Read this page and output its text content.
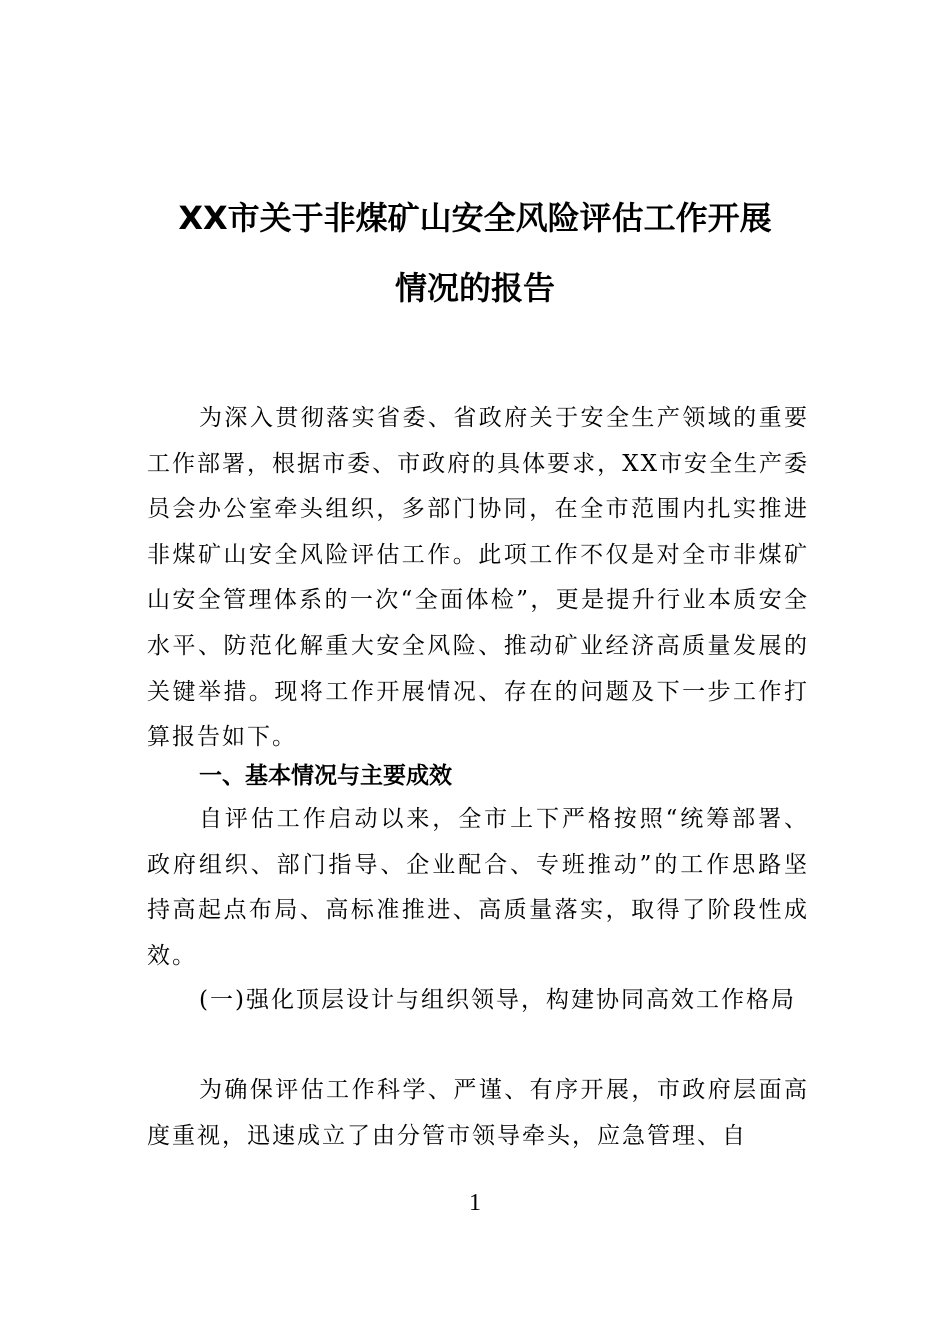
XX市关于非煤矿山安全风险评估工作开展
情况的报告
为深入贯彻落实省委、省政府关于安全生产领域的重要工作部署，根据市委、市政府的具体要求，XX市安全生产委员会办公室牵头组织，多部门协同，在全市范围内扎实推进非煤矿山安全风险评估工作。此项工作不仅是对全市非煤矿山安全管理体系的一次“全面体检”，更是提升行业本质安全水平、防范化解重大安全风险、推动矿业经济高质量发展的关键举措。现将工作开展情况、存在的问题及下一步工作打算报告如下。
一、基本情况与主要成效
自评估工作启动以来，全市上下严格按照“统筹部署、政府组织、部门指导、企业配合、专班推动”的工作思路坚持高起点布局、高标准推进、高质量落实，取得了阶段性成效。
(一)强化顶层设计与组织领导，构建协同高效工作格局
为确保评估工作科学、严谨、有序开展，市政府层面高度重视，迅速成立了由分管市领导牵头，应急管理、自
1
